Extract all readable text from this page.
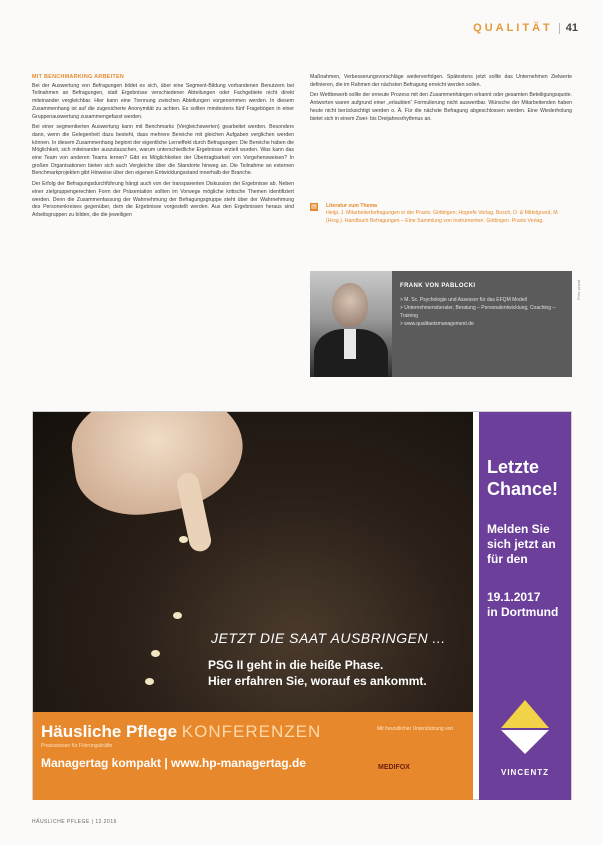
QUALITÄT 41
MIT BENCHMARKING ARBEITEN

Bei der Auswertung von Befragungen bildet es sich, über eine Segment-Bildung vorhandenen Benutzern bei Teilnahmen an Befragungen, statt Ergebnisse verschiedener Abteilungen oder Fachgebiete nicht direkt miteinander vergleichbar. Hier kann eine Trennung zwischen Abteilungen vorgenommen werden. In diesem Zusammenhang ist auf die zugesicherte Anonymität zu achten. Es sollten mindestens fünf Fragebögen in einer Gruppenauswertung zusammengefasst werden.

Bei einer segmentierten Auswertung kann mit Benchmarks (Vergleichswerten) gearbeitet werden. Besonders dann, wenn die Gelegenheit dazu besteht, dass mehrere Bereiche mit gleichen Aufgaben verglichen werden können. In diesem Zusammenhang beginnt der eigentliche Lerneffekt durch Befragungen: Die Bereiche haben die Möglichkeit, sich miteinander auszutauschen, warum unterschiedliche Ergebnisse erzielt wurden. Was kann das eine Team von anderen Teams lernen? Gibt es Möglichkeiten der Übertragbarkeit von Vorgehensweisen? In großen Organisationen bieten sich auch Vergleiche über die Standorte hinweg an. Die Teilnahme an externen Benchmarkprojekten gibt Hinweise über den eigenen Entwicklungsstand innerhalb der Branche.

Der Erfolg der Befragungsdurchführung hängt auch von der transparenten Diskussion der Ergebnisse ab. Neben einer zielgruppengerechten Form der Präsentation sollten im Vorwege mögliche kritische Themen identifiziert werden. Denn die Zusammenfassung der Wahrnehmung der Befragungsgruppe steht über der Wahrnehmung des Personenkreises gegenüber, dem die Ergebnisse vorgestellt werden. Aus den Ergebnissen heraus sind Arbeitsgruppen zu bilden, die die jeweiligen

Maßnahmen, Verbesserungsvorschläge weiterverfolgen. Spätestens jetzt sollte das Unternehmen Zielwerte definieren, die im Rahmen der nächsten Befragung erreicht werden sollen.

Der Wettbewerb sollte der erneute Prozess mit den Zusammenhängen erkannt oder gesamten Beteiligungsquote. Antworten waren aufgrund einer „erlaubten“ Formulierung nicht auswertbar. Wünsche der Mitarbeitenden haben heute nicht berücksichtigt werden o. Ä. Für die nächste Befragung abgeschlossen werden. Eine Wiederholung bietet sich in einem Zwei- bis Dreijahresrhythmus an.

▤ Literatur zum Thema
Helgi, J. Mitarbeiterbefragungen in der Praxis. Göttingen; Hogrefe Verlag. Bosch, D. & Mittelgrund, M. (Hrsg.). Handbuch Befragungen – Eine Sammlung von Instrumenten. Göttingen. Praxis Verlag.
FRANK VON PABLOCKI
> M. Sc. Psychologie und Assessor für das EFQM Modell
> Unternehmensberater, Beratung – Personalentwicklung, Coaching – Training
> www.qualitaetsmanagement.de
Foto: privat
JETZT DIE SAAT AUSBRINGEN ...
PSG II geht in die heiße Phase.
Hier erfahren Sie, worauf es ankommt.
Häusliche Pflege KONFERENZEN
Praxiswissen für Führungskräfte
Managertag kompakt | www.hp-managertag.de
Mit freundlicher Unterstützung von
MEDIFOX
Letzte
Chance!
Melden Sie
sich jetzt an
für den
19.1.2017
in Dortmund
VINCENTZ
HÄUSLICHE PFLEGE | 12.2016
